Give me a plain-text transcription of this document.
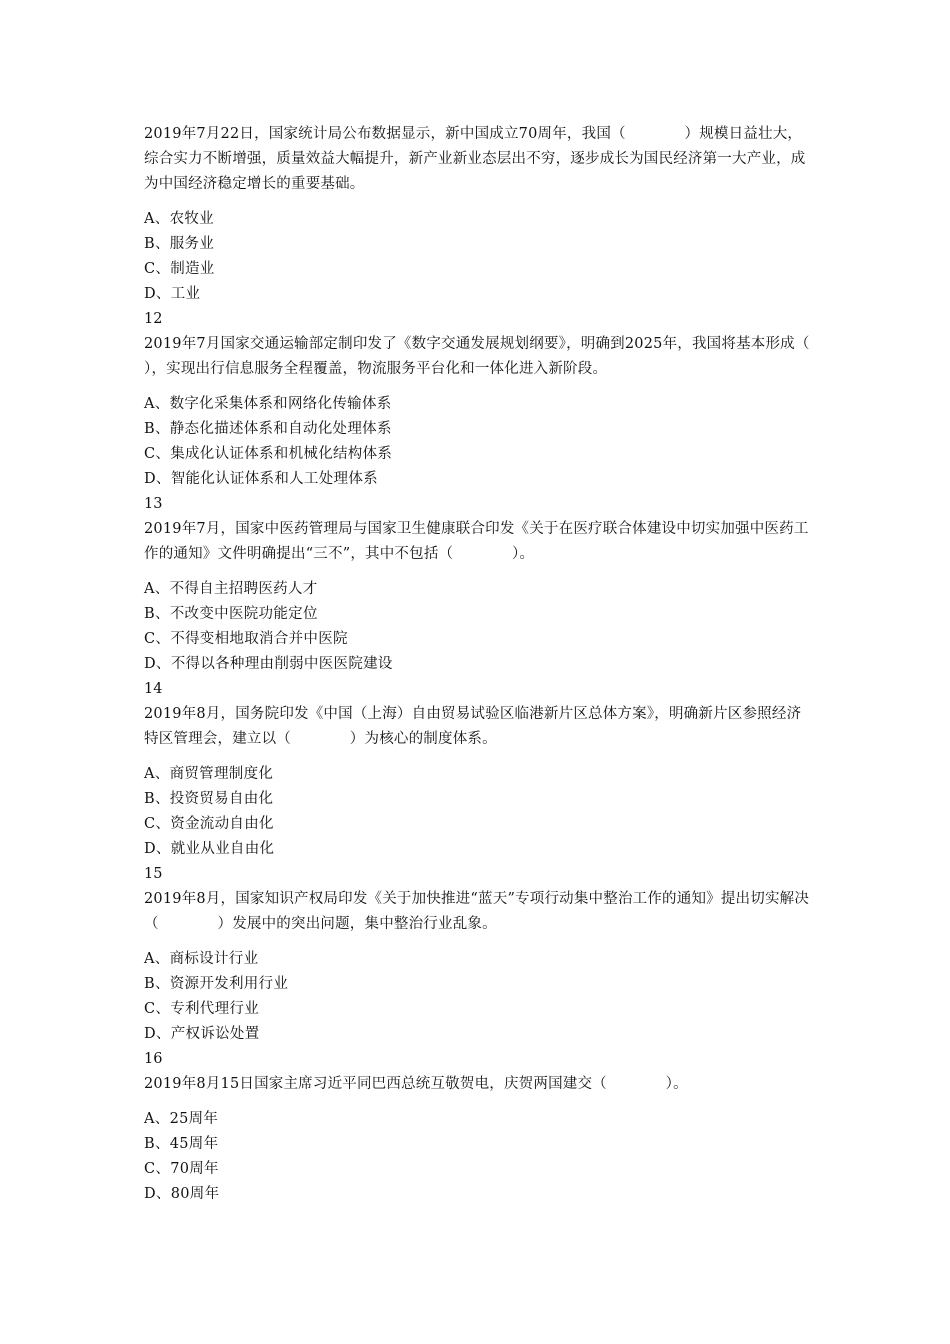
2019年7月22日，国家统计局公布数据显示，新中国成立70周年，我国（　　　　）规模日益壮大，综合实力不断增强，质量效益大幅提升，新产业新业态层出不穷，逐步成长为国民经济第一大产业，成为中国经济稳定增长的重要基础。
A、农牧业
B、服务业
C、制造业
D、工业
12
2019年7月国家交通运输部定制印发了《数字交通发展规划纲要》，明确到2025年，我国将基本形成（　　　　），实现出行信息服务全程覆盖，物流服务平台化和一体化进入新阶段。
A、数字化采集体系和网络化传输体系
B、静态化描述体系和自动化处理体系
C、集成化认证体系和机械化结构体系
D、智能化认证体系和人工处理体系
13
2019年7月，国家中医药管理局与国家卫生健康联合印发《关于在医疗联合体建设中切实加强中医药工作的通知》文件明确提出“三不”，其中不包括（　　　　）。
A、不得自主招聘医药人才
B、不改变中医院功能定位
C、不得变相地取消合并中医院
D、不得以各种理由削弱中医医院建设
14
2019年8月，国务院印发《中国（上海）自由贸易试验区临港新片区总体方案》，明确新片区参照经济特区管理会，建立以（　　　　）为核心的制度体系。
A、商贸管理制度化
B、投资贸易自由化
C、资金流动自由化
D、就业从业自由化
15
2019年8月，国家知识产权局印发《关于加快推进“蓝天”专项行动集中整治工作的通知》提出切实解决（　　　　）发展中的突出问题，集中整治行业乱象。
A、商标设计行业
B、资源开发利用行业
C、专利代理行业
D、产权诉讼处置
16
2019年8月15日国家主席习近平同巴西总统互敬贺电，庆贺两国建交（　　　　）。
A、25周年
B、45周年
C、70周年
D、80周年
